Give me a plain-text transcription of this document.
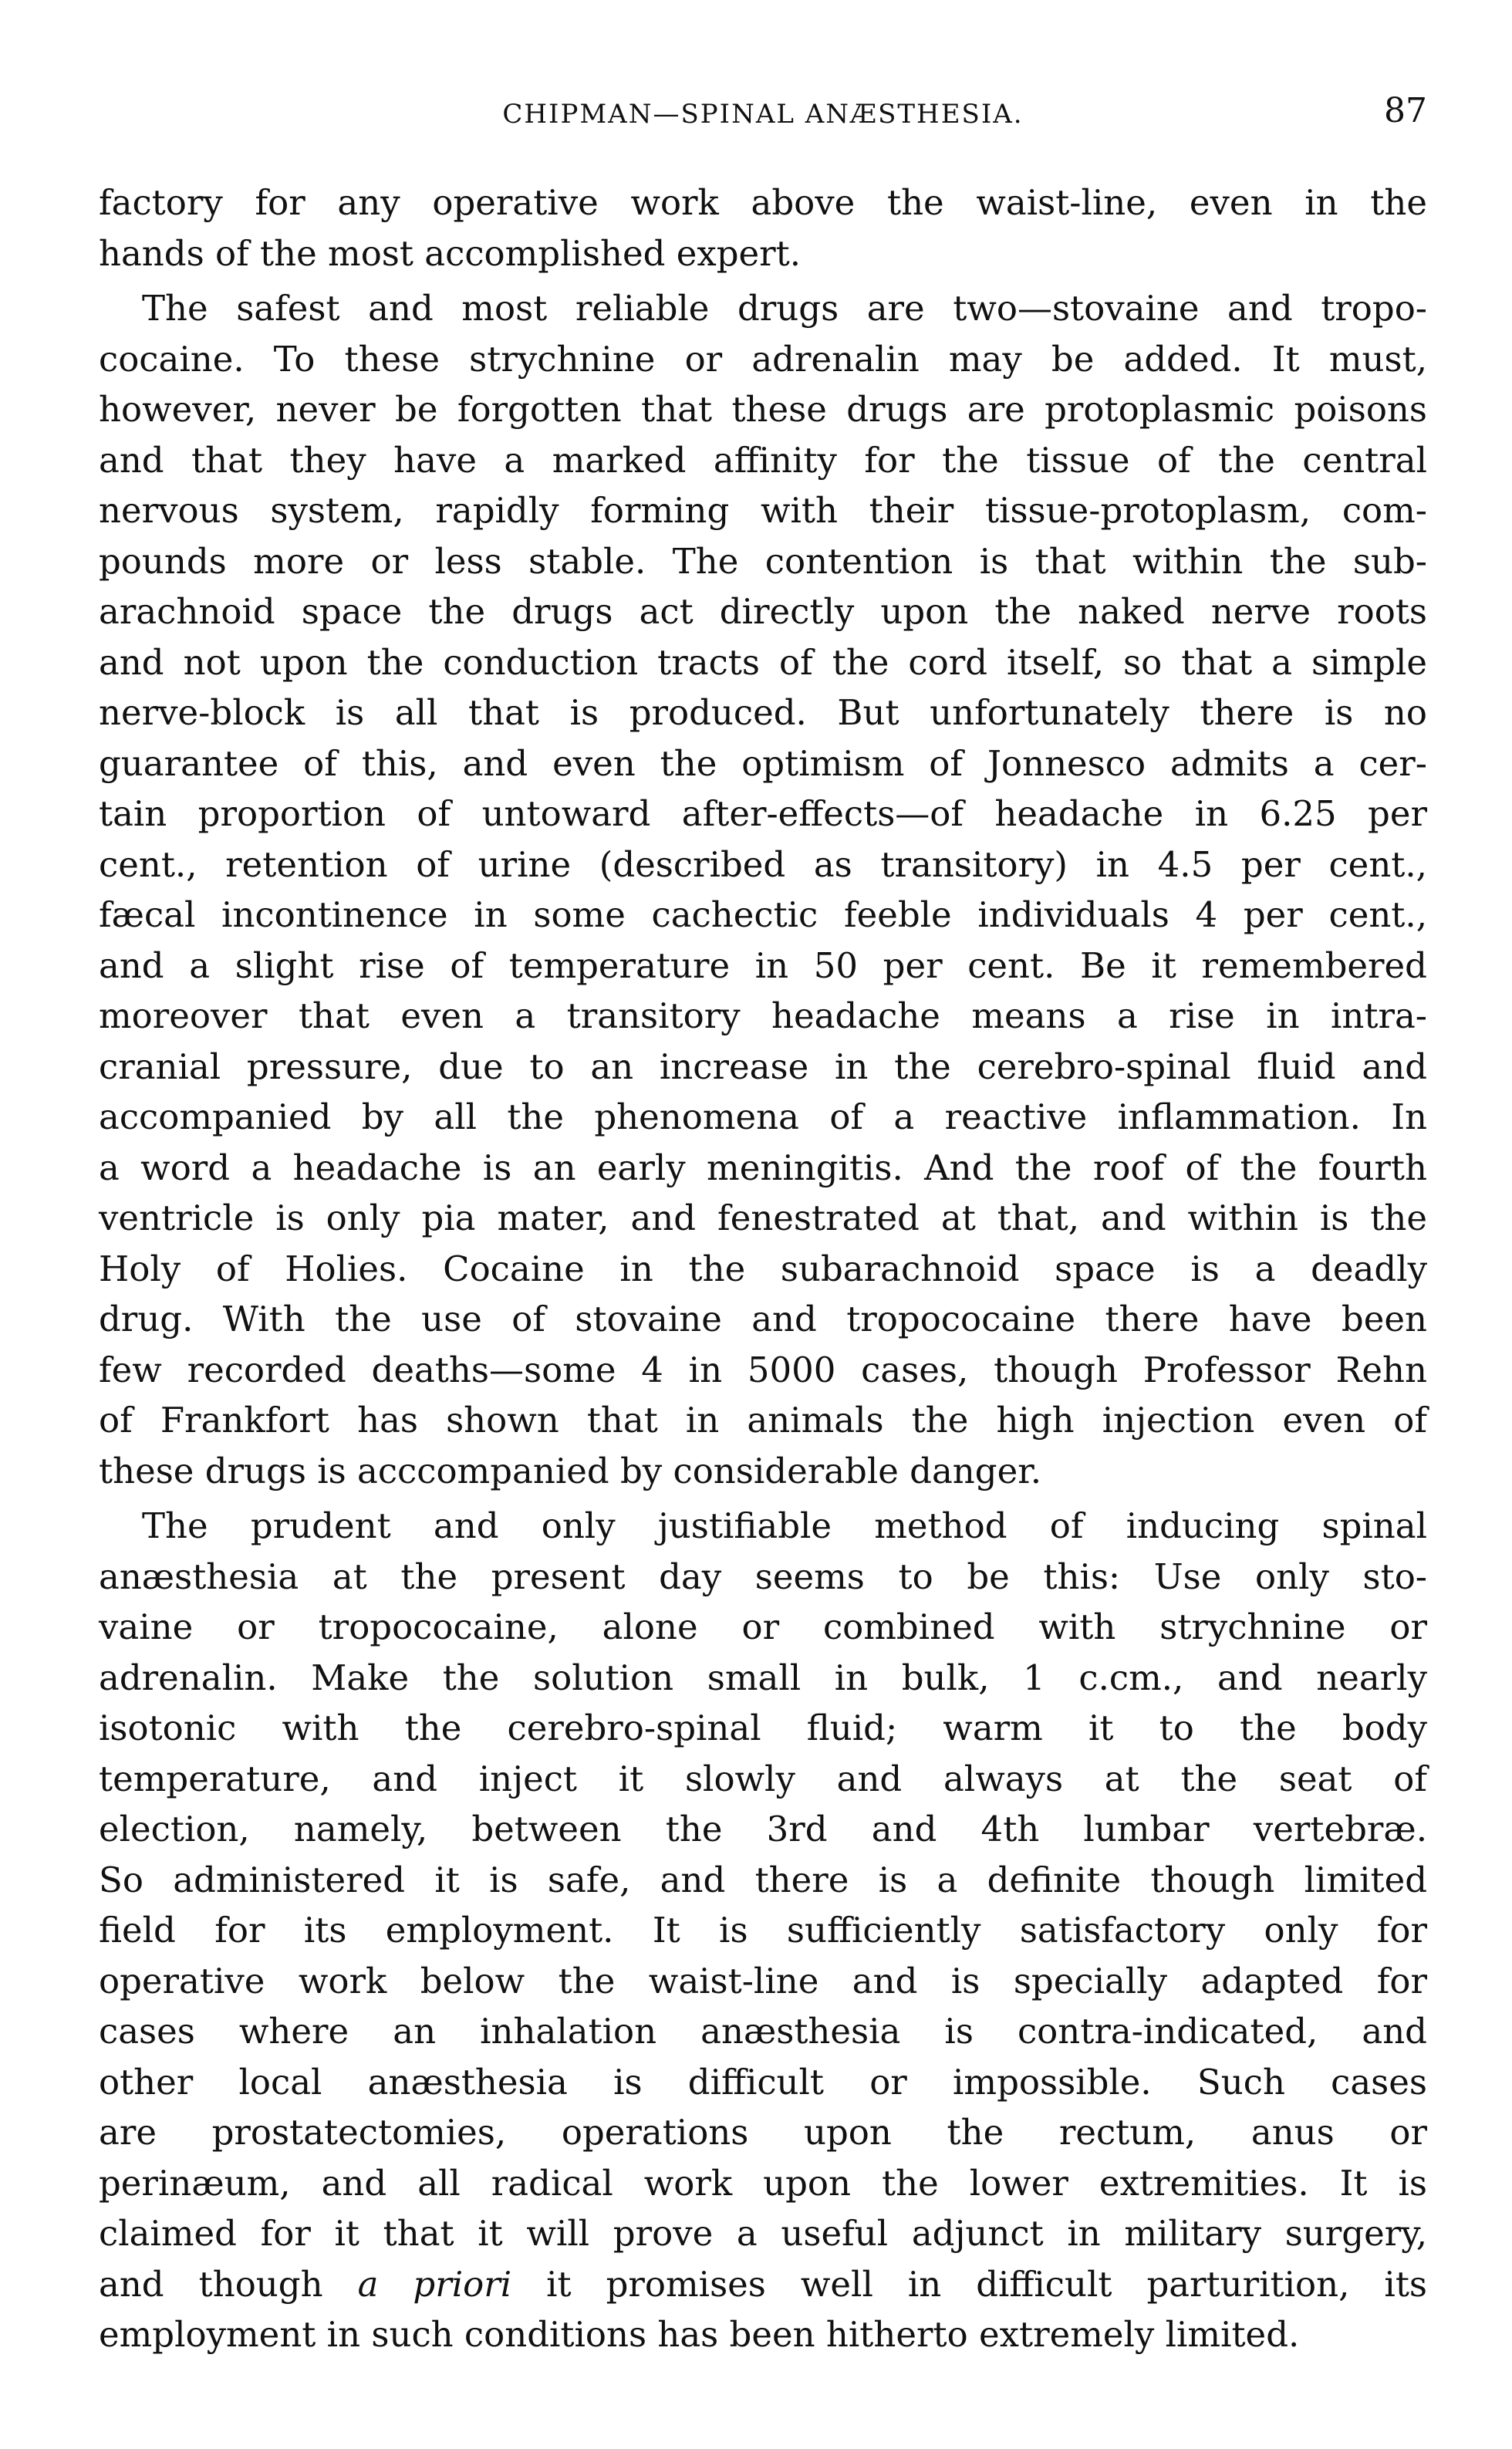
CHIPMAN—SPINAL ANÆSTHESIA.	87
factory for any operative work above the waist-line, even in the
hands of the most accomplished expert.
The safest and most reliable drugs are two—stovaine and tropo-
cocaine. To these strychnine or adrenalin may be added. It must,
however, never be forgotten that these drugs are protoplasmic poisons
and that they have a marked affinity for the tissue of the central
nervous system, rapidly forming with their tissue-protoplasm, com-
pounds more or less stable. The contention is that within the sub-
arachnoid space the drugs act directly upon the naked nerve roots
and not upon the conduction tracts of the cord itself, so that a simple
nerve-block is all that is produced. But unfortunately there is no
guarantee of this, and even the optimism of Jonnesco admits a cer-
tain proportion of untoward after-effects—of headache in 6.25 per
cent., retention of urine (described as transitory) in 4.5 per cent.,
fæcal incontinence in some cachectic feeble individuals 4 per cent.,
and a slight rise of temperature in 50 per cent. Be it remembered
moreover that even a transitory headache means a rise in intra-
cranial pressure, due to an increase in the cerebro-spinal fluid and
accompanied by all the phenomena of a reactive inflammation. In
a word a headache is an early meningitis. And the roof of the fourth
ventricle is only pia mater, and fenestrated at that, and within is the
Holy of Holies. Cocaine in the subarachnoid space is a deadly
drug. With the use of stovaine and tropococaine there have been
few recorded deaths—some 4 in 5000 cases, though Professor Rehn
of Frankfort has shown that in animals the high injection even of
these drugs is acccompanied by considerable danger.
The prudent and only justifiable method of inducing spinal
anæsthesia at the present day seems to be this: Use only sto-
vaine or tropococaine, alone or combined with strychnine or
adrenalin. Make the solution small in bulk, 1 c.cm., and nearly
isotonic with the cerebro-spinal fluid; warm it to the body
temperature, and inject it slowly and always at the seat of
election, namely, between the 3rd and 4th lumbar vertebræ.
So administered it is safe, and there is a definite though limited
field for its employment. It is sufficiently satisfactory only for
operative work below the waist-line and is specially adapted for
cases where an inhalation anæsthesia is contra-indicated, and
other local anæsthesia is difficult or impossible. Such cases
are prostatectomies, operations upon the rectum, anus or
perinæum, and all radical work upon the lower extremities. It is
claimed for it that it will prove a useful adjunct in military surgery,
and though a priori it promises well in difficult parturition, its
employment in such conditions has been hitherto extremely limited.
